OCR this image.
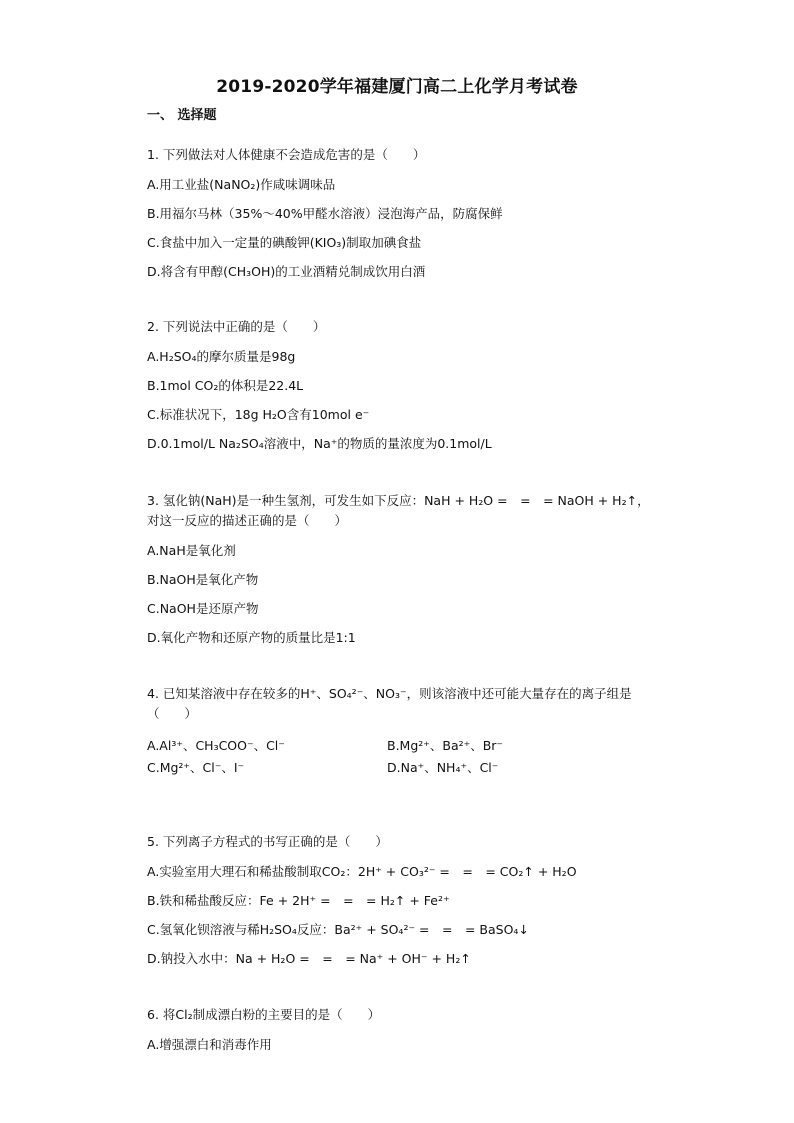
2019-2020学年福建厦门高二上化学月考试卷
一、 选择题

1. 下列做法对人体健康不会造成危害的是（　　）

A.用工业盐(NaNO₂)作咸味调味品

B.用福尔马林（35%～40%甲醛水溶液）浸泡海产品，防腐保鲜

C.食盐中加入一定量的碘酸钾(KIO₃)制取加碘食盐

D.将含有甲醇(CH₃OH)的工业酒精兑制成饮用白酒

2. 下列说法中正确的是（　　）

A.H₂SO₄的摩尔质量是98g

B.1mol CO₂的体积是22.4L

C.标准状况下，18g H₂O含有10mol e⁻

D.0.1mol/L Na₂SO₄溶液中，Na⁺的物质的量浓度为0.1mol/L

3. 氢化钠(NaH)是一种生氢剂，可发生如下反应：NaH + H₂O =　=　= NaOH + H₂↑，

对这一反应的描述正确的是（　　）

A.NaH是氧化剂

B.NaOH是氧化产物

C.NaOH是还原产物

D.氧化产物和还原产物的质量比是1:1

4. 已知某溶液中存在较多的H⁺、SO₄²⁻、NO₃⁻，则该溶液中还可能大量存在的离子组是

（　　）

A.Al³⁺、CH₃COO⁻、Cl⁻	B.Mg²⁺、Ba²⁺、Br⁻
C.Mg²⁺、Cl⁻、I⁻	D.Na⁺、NH₄⁺、Cl⁻

5. 下列离子方程式的书写正确的是（　　）

A.实验室用大理石和稀盐酸制取CO₂：2H⁺ + CO₃²⁻ =　=　= CO₂↑ + H₂O

B.铁和稀盐酸反应：Fe + 2H⁺ =　=　= H₂↑ + Fe²⁺

C.氢氧化钡溶液与稀H₂SO₄反应：Ba²⁺ + SO₄²⁻ =　=　= BaSO₄↓

D.钠投入水中：Na + H₂O =　=　= Na⁺ + OH⁻ + H₂↑

6. 将Cl₂制成漂白粉的主要目的是（　　）

A.增强漂白和消毒作用
